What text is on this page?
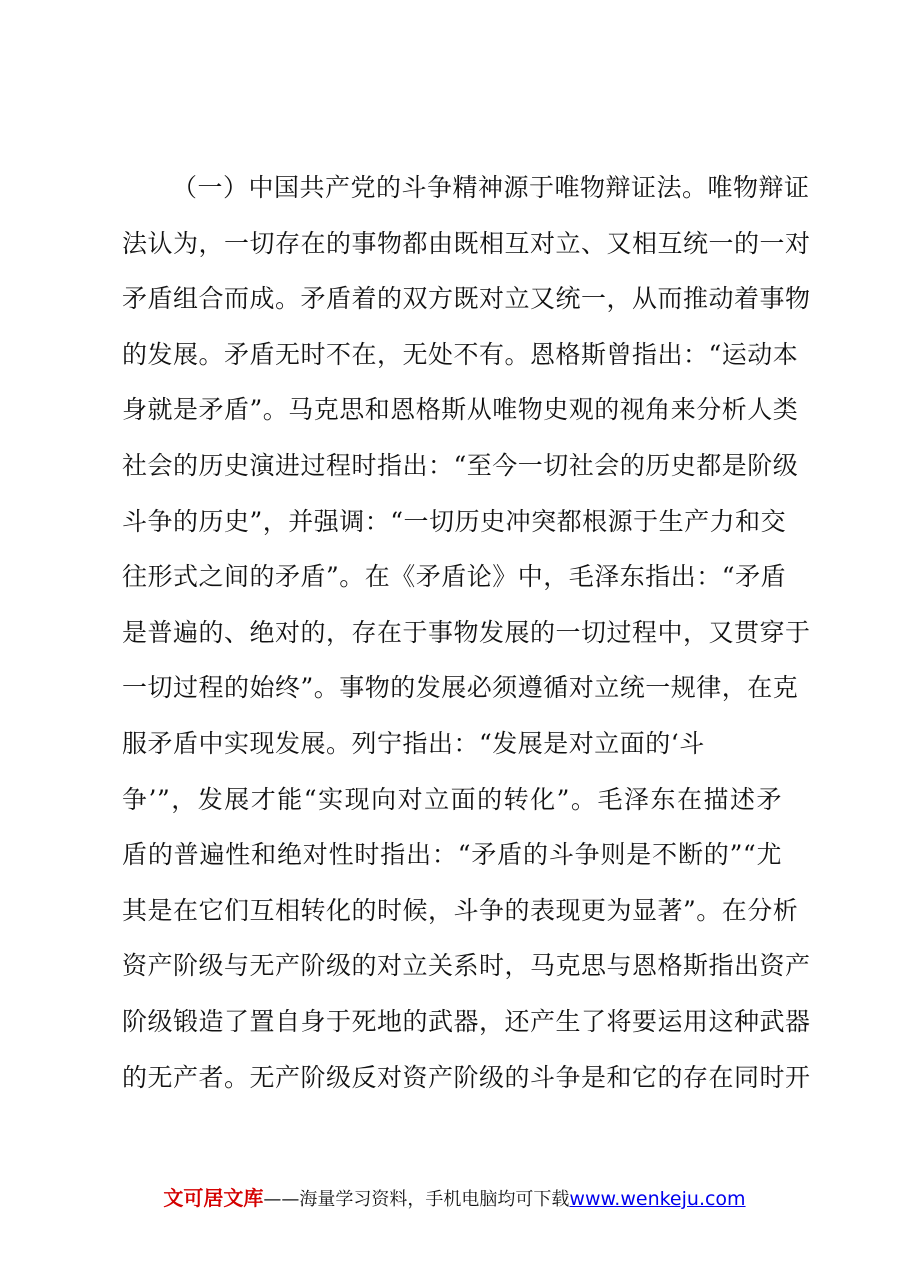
（一）中国共产党的斗争精神源于唯物辩证法。唯物辩证
法认为，一切存在的事物都由既相互对立、又相互统一的一对
矛盾组合而成。矛盾着的双方既对立又统一，从而推动着事物
的发展。矛盾无时不在，无处不有。恩格斯曾指出：“运动本
身就是矛盾”。马克思和恩格斯从唯物史观的视角来分析人类
社会的历史演进过程时指出：“至今一切社会的历史都是阶级
斗争的历史”，并强调：“一切历史冲突都根源于生产力和交
往形式之间的矛盾”。在《矛盾论》中，毛泽东指出：“矛盾
是普遍的、绝对的，存在于事物发展的一切过程中，又贯穿于
一切过程的始终”。事物的发展必须遵循对立统一规律，在克
服矛盾中实现发展。列宁指出：“发展是对立面的‘斗
争’”，发展才能“实现向对立面的转化”。毛泽东在描述矛
盾的普遍性和绝对性时指出：“矛盾的斗争则是不断的”“尤
其是在它们互相转化的时候，斗争的表现更为显著”。在分析
资产阶级与无产阶级的对立关系时，马克思与恩格斯指出资产
阶级锻造了置自身于死地的武器，还产生了将要运用这种武器
的无产者。无产阶级反对资产阶级的斗争是和它的存在同时开
文可居文库——海量学习资料，手机电脑均可下载www.wenkeju.com
